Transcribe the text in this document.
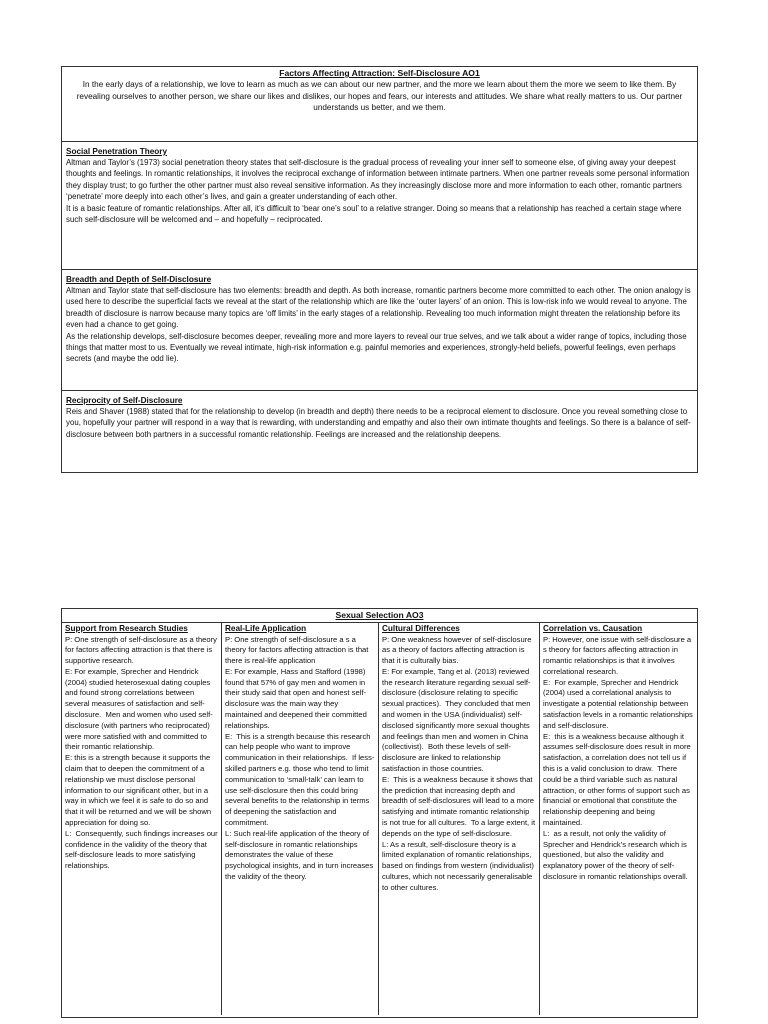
Factors Affecting Attraction: Self-Disclosure AO1
In the early days of a relationship, we love to learn as much as we can about our new partner, and the more we learn about them the more we seem to like them. By revealing ourselves to another person, we share our likes and dislikes, our hopes and fears, our interests and attitudes. We share what really matters to us. Our partner understands us better, and we them.
Social Penetration Theory

Altman and Taylor’s (1973) social penetration theory states that self-disclosure is the gradual process of revealing your inner self to someone else, of giving away your deepest thoughts and feelings. In romantic relationships, it involves the reciprocal exchange of information between intimate partners. When one partner reveals some personal information they display trust; to go further the other partner must also reveal sensitive information. As they increasingly disclose more and more information to each other, romantic partners ‘penetrate’ more deeply into each other’s lives, and gain a greater understanding of each other.

It is a basic feature of romantic relationships. After all, it’s difficult to ‘bear one’s soul’ to a relative stranger. Doing so means that a relationship has reached a certain stage where such self-disclosure will be welcomed and – and hopefully – reciprocated.

Breadth and Depth of Self-Disclosure

Altman and Taylor state that self-disclosure has two elements: breadth and depth. As both increase, romantic partners become more committed to each other. The onion analogy is used here to describe the superficial facts we reveal at the start of the relationship which are like the ‘outer layers’ of an onion. This is low-risk info we would reveal to anyone. The breadth of disclosure is narrow because many topics are ‘off limits’ in the early stages of a relationship. Revealing too much information might threaten the relationship before its even had a chance to get going.

As the relationship develops, self-disclosure becomes deeper, revealing more and more layers to reveal our true selves, and we talk about a wider range of topics, including those things that matter most to us. Eventually we reveal intimate, high-risk information e.g. painful memories and experiences, strongly-held beliefs, powerful feelings, even perhaps secrets (and maybe the odd lie).

Reciprocity of Self-Disclosure

Reis and Shaver (1988) stated that for the relationship to develop (in breadth and depth) there needs to be a reciprocal element to disclosure. Once you reveal something close to you, hopefully your partner will respond in a way that is rewarding, with understanding and empathy and also their own intimate thoughts and feelings. So there is a balance of self-disclosure between both partners in a successful romantic relationship. Feelings are increased and the relationship deepens.

Sexual Selection AO3
Support from Research Studies

P: One strength of self-disclosure as a theory for factors affecting attraction is that there is supportive research.
E: For example, Sprecher and Hendrick (2004) studied heterosexual dating couples and found strong correlations between several measures of satisfaction and self-disclosure.  Men and women who used self-disclosure (with partners who reciprocated) were more satisfied with and committed to their romantic relationship.
E: this is a strength because it supports the claim that to deepen the commitment of a relationship we must disclose personal information to our significant other, but in a way in which we feel it is safe to do so and that it will be returned and we will be shown appreciation for doing so.
L:  Consequently, such findings increases our confidence in the validity of the theory that self-disclosure leads to more satisfying relationships.

Real-Life Application

P: One strength of self-disclosure a s a theory for factors affecting attraction is that there is real-life application
E: For example, Hass and Stafford (1998) found that 57% of gay men and women in their study said that open and honest self-disclosure was the main way they maintained and deepened their committed relationships.
E:  This is a strength because this research can help people who want to improve communication in their relationships.  If less-skilled partners e.g. those who tend to limit communication to ‘small-talk’ can learn to use self-disclosure then this could bring several benefits to the relationship in terms of deepening the satisfaction and commitment.
L: Such real-life application of the theory of self-disclosure in romantic relationships demonstrates the value of these psychological insights, and in turn increases the validity of the theory.

Cultural Differences

P: One weakness however of self-disclosure as a theory of factors affecting attraction is that it is culturally bias.
E: For example, Tang et al. (2013) reviewed the research literature regarding sexual self-disclosure (disclosure relating to specific sexual practices).  They concluded that men and women in the USA (individualist) self-disclosed significantly more sexual thoughts and feelings than men and women in China (collectivist).  Both these levels of self-disclosure are linked to relationship satisfaction in those countries.
E:  This is a weakness because it shows that the prediction that increasing depth and breadth of self-disclosures will lead to a more satisfying and intimate romantic relationship is not true for all cultures.  To a large extent, it depends on the type of self-disclosure.
L: As a result, self-disclosure theory is a limited explanation of romantic relationships, based on findings from western (individualist) cultures, which not necessarily generalisable to other cultures.

Correlation vs. Causation

P: However, one issue with self-disclosure a s theory for factors affecting attraction in romantic relationships is that it involves correlational research.
E:  For example, Sprecher and Hendrick (2004) used a correlational analysis to investigate a potential relationship between satisfaction levels in a romantic relationships and self-disclosure.
E:  this is a weakness because although it assumes self-disclosure does result in more satisfaction, a correlation does not tell us if this is a valid conclusion to draw.  There could be a third variable such as natural attraction, or other forms of support such as financial or emotional that constitute the relationship deepening and being maintained.
L:  as a result, not only the validity of Sprecher and Hendrick’s research which is questioned, but also the validity and explanatory power of the theory of self-disclosure in romantic relationships overall.
